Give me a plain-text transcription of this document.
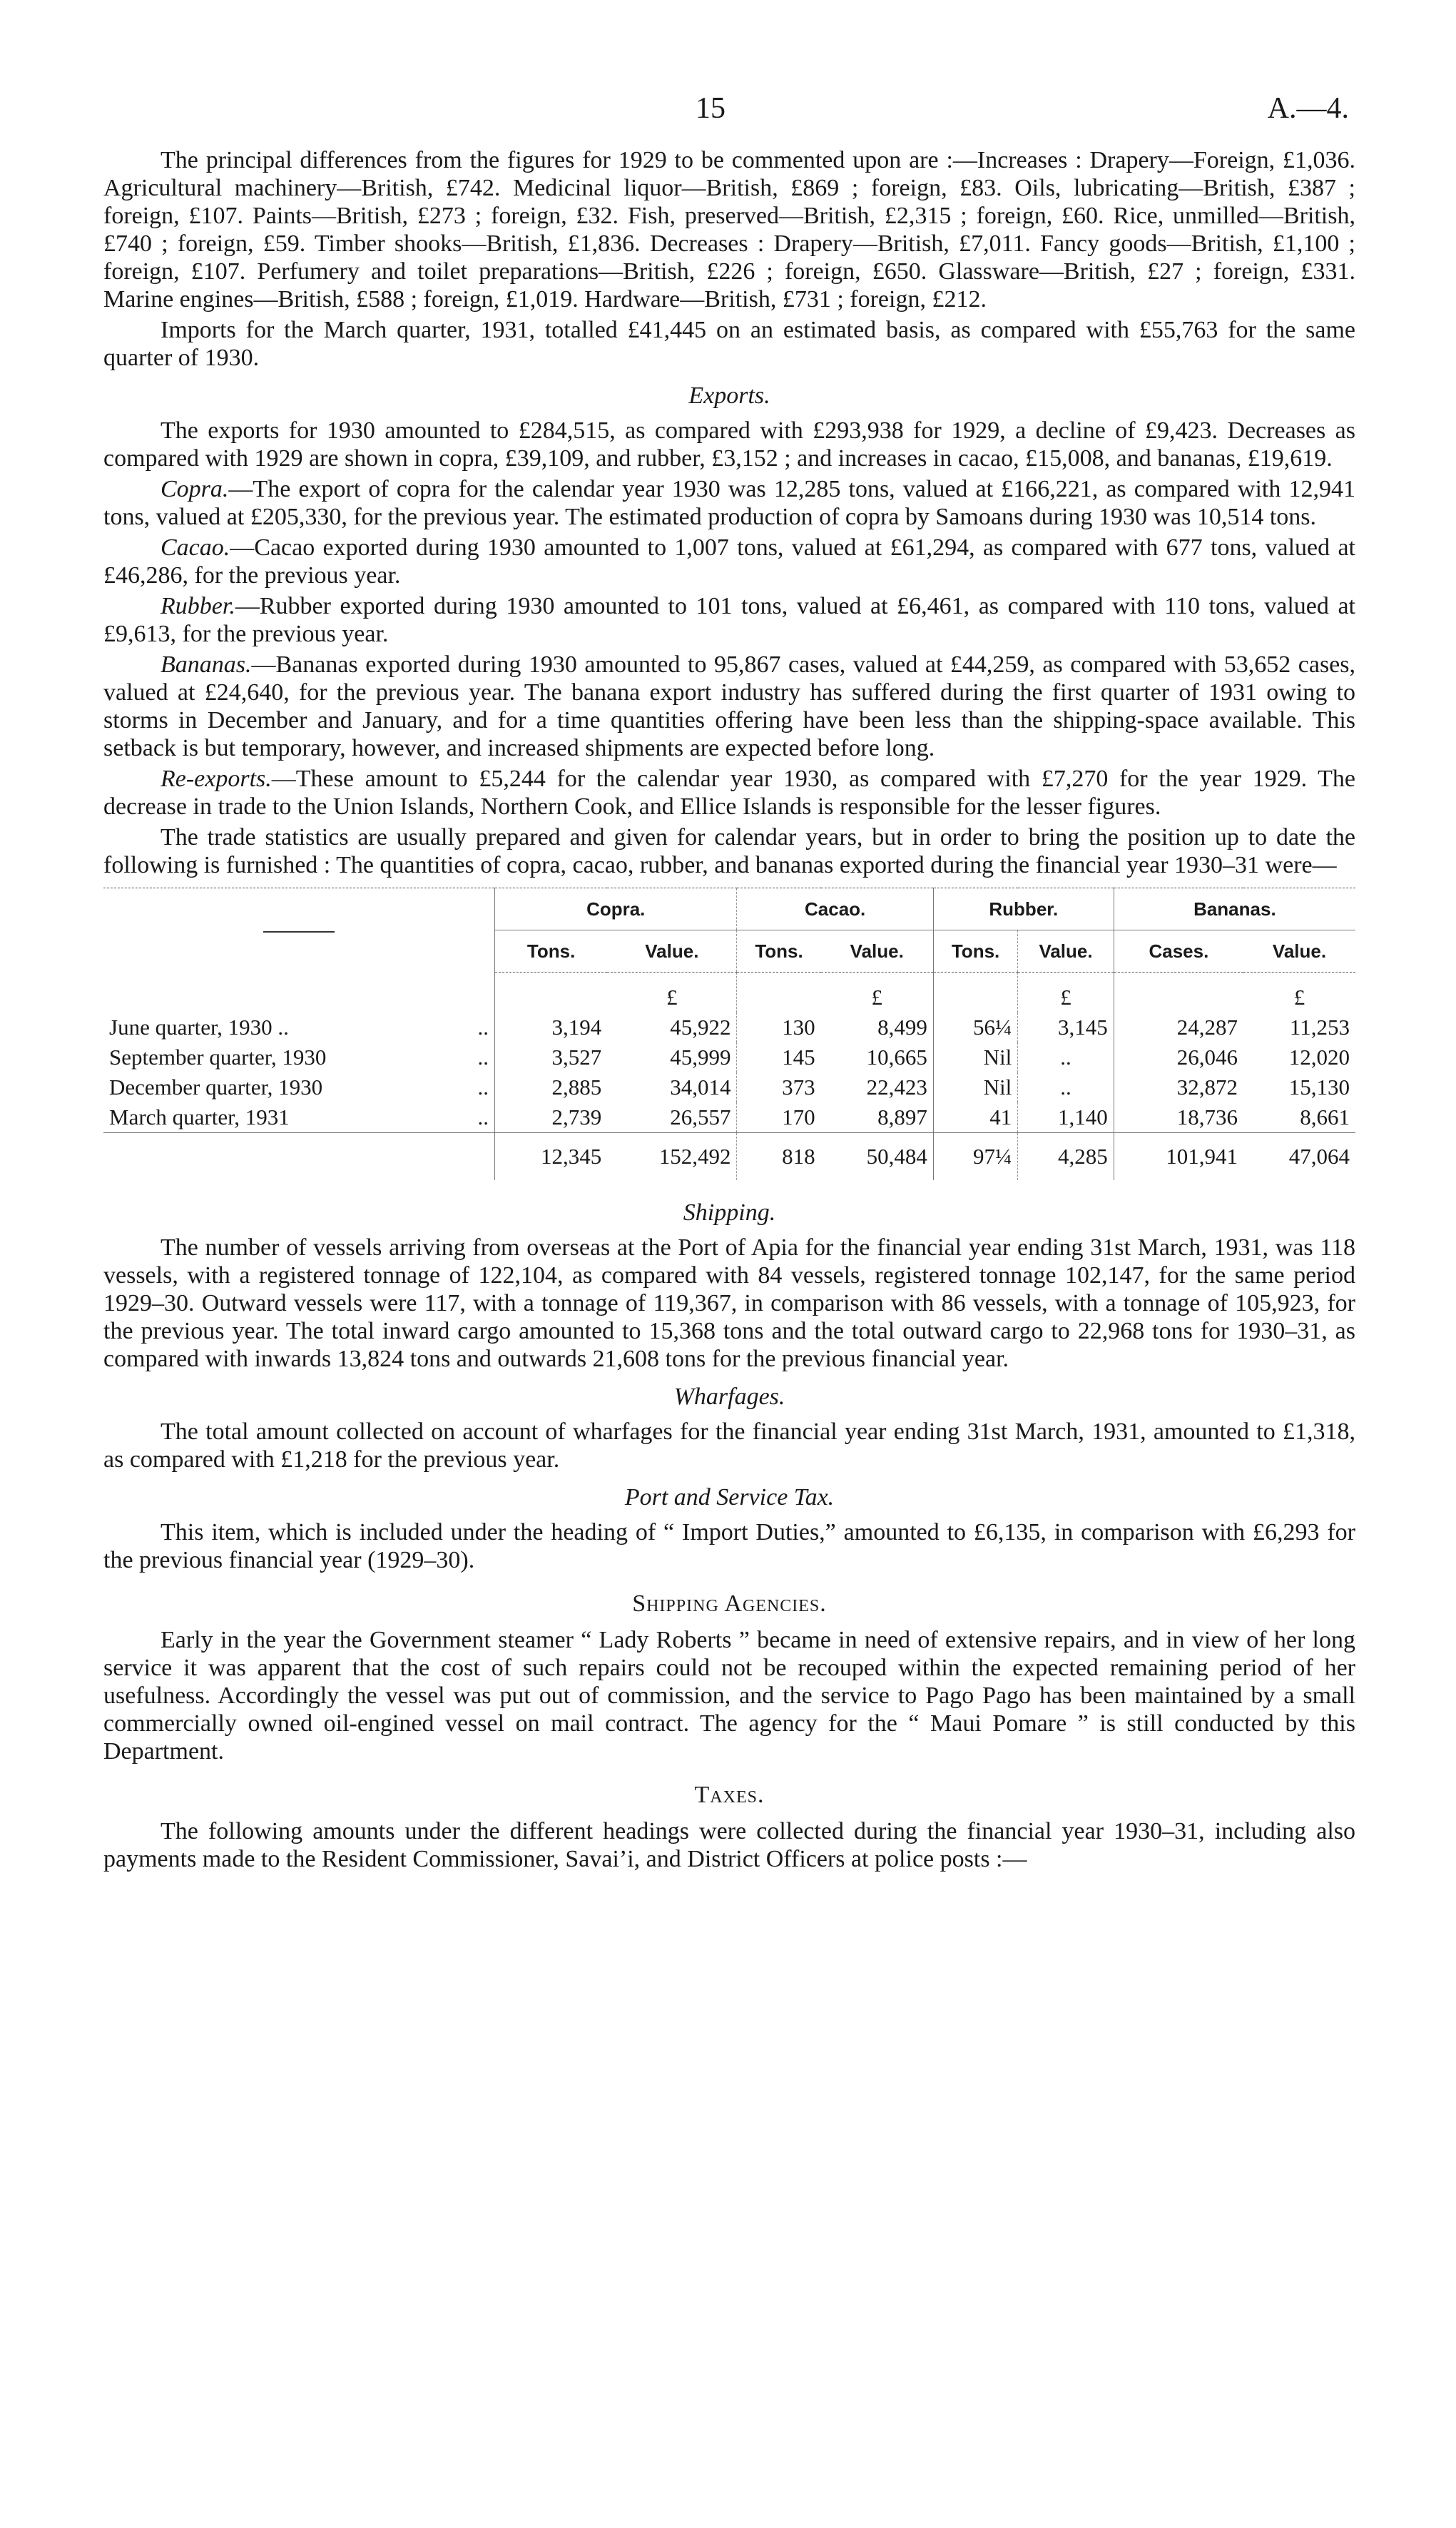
15	A.—4.

The principal differences from the figures for 1929 to be commented upon are :—Increases : Drapery—Foreign, £1,036. Agricultural machinery—British, £742. Medicinal liquor—British, £869 ; foreign, £83. Oils, lubricating—British, £387 ; foreign, £107. Paints—British, £273 ; foreign, £32. Fish, preserved—British, £2,315 ; foreign, £60. Rice, unmilled—British, £740 ; foreign, £59. Timber shooks—British, £1,836. Decreases : Drapery—British, £7,011. Fancy goods—British, £1,100 ; foreign, £107. Perfumery and toilet preparations—British, £226 ; foreign, £650. Glassware—British, £27 ; foreign, £331. Marine engines—British, £588 ; foreign, £1,019. Hardware—British, £731 ; foreign, £212.

Imports for the March quarter, 1931, totalled £41,445 on an estimated basis, as compared with £55,763 for the same quarter of 1930.

Exports.

The exports for 1930 amounted to £284,515, as compared with £293,938 for 1929, a decline of £9,423. Decreases as compared with 1929 are shown in copra, £39,109, and rubber, £3,152 ; and increases in cacao, £15,008, and bananas, £19,619.

Copra.—The export of copra for the calendar year 1930 was 12,285 tons, valued at £166,221, as compared with 12,941 tons, valued at £205,330, for the previous year. The estimated production of copra by Samoans during 1930 was 10,514 tons.

Cacao.—Cacao exported during 1930 amounted to 1,007 tons, valued at £61,294, as compared with 677 tons, valued at £46,286, for the previous year.

Rubber.—Rubber exported during 1930 amounted to 101 tons, valued at £6,461, as compared with 110 tons, valued at £9,613, for the previous year.

Bananas.—Bananas exported during 1930 amounted to 95,867 cases, valued at £44,259, as compared with 53,652 cases, valued at £24,640, for the previous year. The banana export industry has suffered during the first quarter of 1931 owing to storms in December and January, and for a time quantities offering have been less than the shipping-space available. This setback is but temporary, however, and increased shipments are expected before long.

Re-exports.—These amount to £5,244 for the calendar year 1930, as compared with £7,270 for the year 1929. The decrease in trade to the Union Islands, Northern Cook, and Ellice Islands is responsible for the lesser figures.

The trade statistics are usually prepared and given for calendar years, but in order to bring the position up to date the following is furnished : The quantities of copra, cacao, rubber, and bananas exported during the financial year 1930–31 were—

	Copra.		Cacao.		Rubber.		Bananas.	
	Tons.	Value.	Tons.	Value.	Tons.	Value.	Cases.	Value.
		£		£		£		£
June quarter, 1930 .. ..	3,194	45,922	130	8,499	56¼	3,145	24,287	11,253
September quarter, 1930 ..	3,527	45,999	145	10,665	Nil	..	26,046	12,020
December quarter, 1930 ..	2,885	34,014	373	22,423	Nil	..	32,872	15,130
March quarter, 1931 ..	2,739	26,557	170	8,897	41	1,140	18,736	8,661
	12,345	152,492	818	50,484	97¼	4,285	101,941	47,064
Shipping.

The number of vessels arriving from overseas at the Port of Apia for the financial year ending 31st March, 1931, was 118 vessels, with a registered tonnage of 122,104, as compared with 84 vessels, registered tonnage 102,147, for the same period 1929–30. Outward vessels were 117, with a tonnage of 119,367, in comparison with 86 vessels, with a tonnage of 105,923, for the previous year. The total inward cargo amounted to 15,368 tons and the total outward cargo to 22,968 tons for 1930–31, as compared with inwards 13,824 tons and outwards 21,608 tons for the previous financial year.

Wharfages.

The total amount collected on account of wharfages for the financial year ending 31st March, 1931, amounted to £1,318, as compared with £1,218 for the previous year.

Port and Service Tax.

This item, which is included under the heading of “ Import Duties,” amounted to £6,135, in comparison with £6,293 for the previous financial year (1929–30).

Shipping Agencies.

Early in the year the Government steamer “ Lady Roberts ” became in need of extensive repairs, and in view of her long service it was apparent that the cost of such repairs could not be recouped within the expected remaining period of her usefulness. Accordingly the vessel was put out of commission, and the service to Pago Pago has been maintained by a small commercially owned oil-engined vessel on mail contract. The agency for the “ Maui Pomare ” is still conducted by this Department.

Taxes.

The following amounts under the different headings were collected during the financial year 1930–31, including also payments made to the Resident Commissioner, Savai’i, and District Officers at police posts :—
